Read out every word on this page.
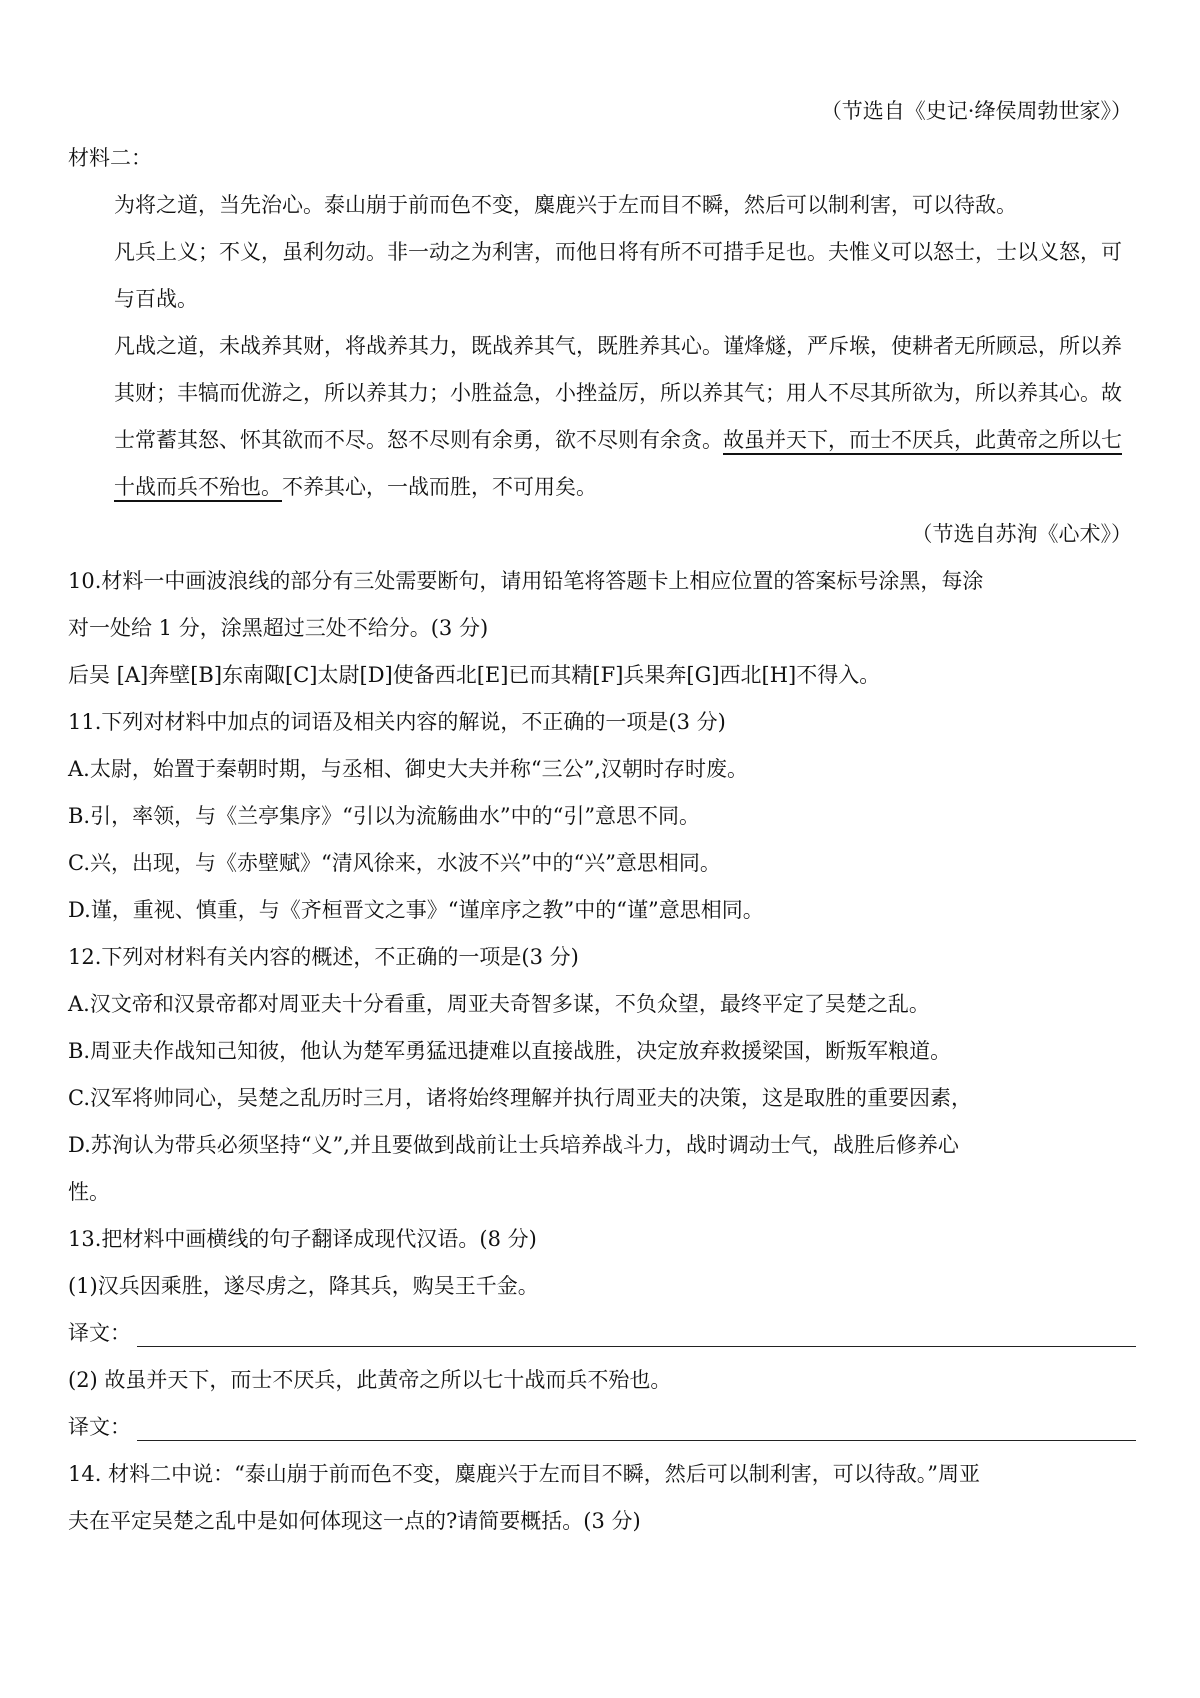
（节选自《史记·绛侯周勃世家》）
材料二：
为将之道，当先治心。泰山崩于前而色不变，麋鹿兴于左而目不瞬，然后可以制利害，可以待敌。
凡兵上义；不义，虽利勿动。非一动之为利害，而他日将有所不可措手足也。夫惟义可以怒士，士以义怒，可与百战。
凡战之道，未战养其财，将战养其力，既战养其气，既胜养其心。谨烽燧，严斥堠，使耕者无所顾忌，所以养其财；丰犒而优游之，所以养其力；小胜益急，小挫益厉，所以养其气；用人不尽其所欲为，所以养其心。故士常蓄其怒、怀其欲而不尽。怒不尽则有余勇，欲不尽则有余贪。故虽并天下，而士不厌兵，此黄帝之所以七十战而兵不殆也。不养其心，一战而胜，不可用矣。
（节选自苏洵《心术》）
10.材料一中画波浪线的部分有三处需要断句，请用铅笔将答题卡上相应位置的答案标号涂黑，每涂
对一处给 1 分，涂黑超过三处不给分。(3 分)
后吴 [A]奔壁[B]东南陬[C]太尉[D]使备西北[E]已而其精[F]兵果奔[G]西北[H]不得入。
11.下列对材料中加点的词语及相关内容的解说，不正确的一项是(3 分)
A.太尉，始置于秦朝时期，与丞相、御史大夫并称“三公”,汉朝时存时废。
B.引，率领，与《兰亭集序》“引以为流觞曲水”中的“引”意思不同。
C.兴，出现，与《赤壁赋》“清风徐来，水波不兴”中的“兴”意思相同。
D.谨，重视、慎重，与《齐桓晋文之事》“谨庠序之教”中的“谨”意思相同。
12.下列对材料有关内容的概述，不正确的一项是(3 分)
A.汉文帝和汉景帝都对周亚夫十分看重，周亚夫奇智多谋，不负众望，最终平定了吴楚之乱。
B.周亚夫作战知己知彼，他认为楚军勇猛迅捷难以直接战胜，决定放弃救援梁国，断叛军粮道。
C.汉军将帅同心，吴楚之乱历时三月，诸将始终理解并执行周亚夫的决策，这是取胜的重要因素，
D.苏洵认为带兵必须坚持“义”,并且要做到战前让士兵培养战斗力，战时调动士气，战胜后修养心
性。
13.把材料中画横线的句子翻译成现代汉语。(8 分)
(1)汉兵因乘胜，遂尽虏之，降其兵，购吴王千金。
译文：
(2) 故虽并天下，而士不厌兵，此黄帝之所以七十战而兵不殆也。
译文：
14. 材料二中说：“泰山崩于前而色不变，麋鹿兴于左而目不瞬，然后可以制利害，可以待敌。”周亚
夫在平定吴楚之乱中是如何体现这一点的?请简要概括。(3 分)
